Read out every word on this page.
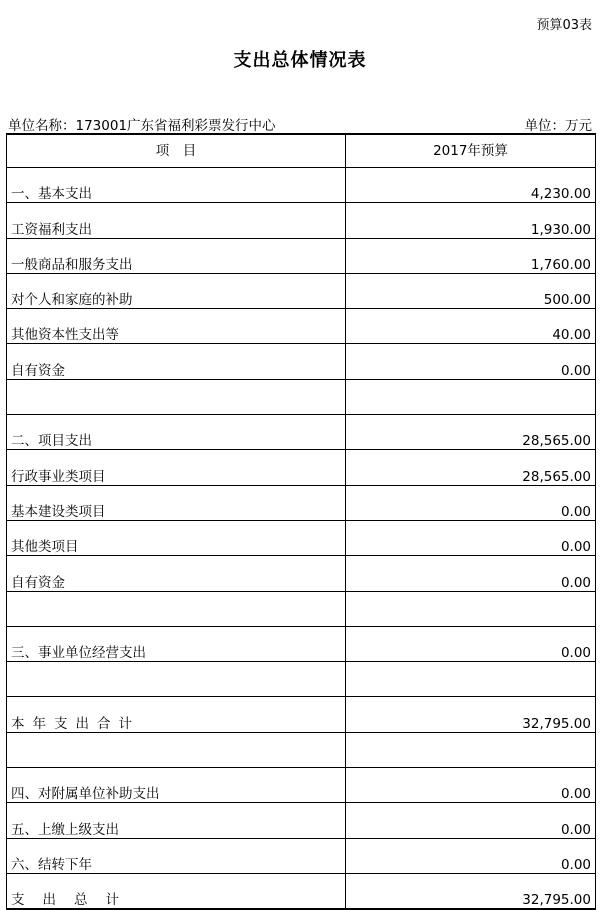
预算03表
支出总体情况表
单位名称：173001广东省福利彩票发行中心	单位：万元
项　目	2017年预算
一、基本支出	4,230.00
工资福利支出	1,930.00
一般商品和服务支出	1,760.00
对个人和家庭的补助	500.00
其他资本性支出等	40.00
自有资金	0.00

二、项目支出	28,565.00
行政事业类项目	28,565.00
基本建设类项目	0.00
其他类项目	0.00
自有资金	0.00

三、事业单位经营支出	0.00

本年支出合计	32,795.00

四、对附属单位补助支出	0.00
五、上缴上级支出	0.00
六、结转下年	0.00
支出总计	32,795.00
